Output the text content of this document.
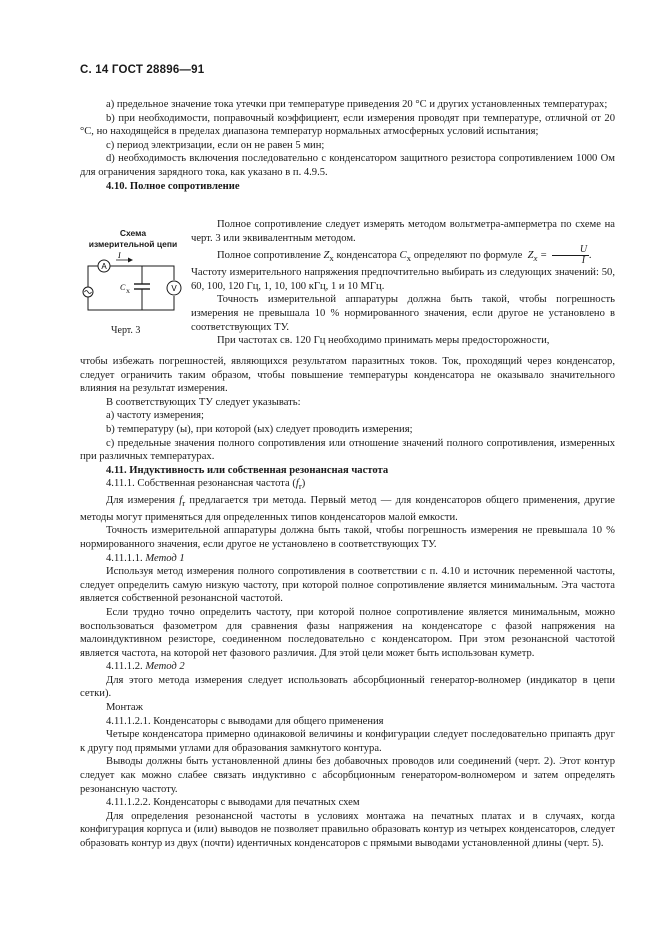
С. 14 ГОСТ 28896—91

а) предельное значение тока утечки при температуре приведения 20 °С и других установленных температурах;

b) при необходимости, поправочный коэффициент, если измерения проводят при температуре, отличной от 20 °С, но находящейся в пределах диапазона температур нормальных атмосферных условий испытания;

с) период электризации, если он не равен 5 мин;

d) необходимость включения последовательно с конденсатором защитного резистора сопротивлением 1000 Ом для ограничения зарядного тока, как указано в п. 4.9.5.

4.10. Полное сопротивление

Схема
измерительной цепи
I
A
V
C X
Черт. 3

Полное сопротивление следует измерять методом вольтметра-амперметра по схеме на черт. 3 или эквивалентным методом.

Полное сопротивление $Z_x$ конденсатора $C_x$ определяют по формуле $Z_x = \frac{U}{I}$ .

Частоту измерительного напряжения предпочтительно выбирать из следующих значений: 50, 60, 100, 120 Гц, 1, 10, 100 кГц, 1 и 10 МГц.

Точность измерительной аппаратуры должна быть такой, чтобы погрешность измерения не превышала 10 % нормированного значения, если другое не установлено в соответствующих ТУ.

При частотах св. 120 Гц необходимо принимать меры предосторожности,

чтобы избежать погрешностей, являющихся результатом паразитных токов. Ток, проходящий через конденсатор, следует ограничить таким образом, чтобы повышение температуры конденсатора не оказывало значительного влияния на результат измерения.

В соответствующих ТУ следует указывать:

а) частоту измерения;

b) температуру (ы), при которой (ых) следует проводить измерения;

с) предельные значения полного сопротивления или отношение значений полного сопротивления, измеренных при различных температурах.

4.11. Индуктивность или собственная резонансная частота

4.11.1. Собственная резонансная частота $(f_r)$

Для измерения $f_r$ предлагается три метода. Первый метод — для конденсаторов общего применения, другие методы могут применяться для определенных типов конденсаторов малой емкости.

Точность измерительной аппаратуры должна быть такой, чтобы погрешность измерения не превышала 10 % нормированного значения, если другое не установлено в соответствующих ТУ.

4.11.1.1. Метод 1

Используя метод измерения полного сопротивления в соответствии с п. 4.10 и источник переменной частоты, следует определить самую низкую частоту, при которой полное сопротивление является минимальным. Эта частота является собственной резонансной частотой.

Если трудно точно определить частоту, при которой полное сопротивление является минимальным, можно воспользоваться фазометром для сравнения фазы напряжения на конденсаторе с фазой напряжения на малоиндуктивном резисторе, соединенном последовательно с конденсатором. При этом резонансной частотой является частота, на которой нет фазового различия. Для этой цели может быть использован куметр.

4.11.1.2. Метод 2

Для этого метода измерения следует использовать абсорбционный генератор-волномер (индикатор в цепи сетки).

Монтаж

4.11.1.2.1. Конденсаторы с выводами для общего применения

Четыре конденсатора примерно одинаковой величины и конфигурации следует последовательно припаять друг к другу под прямыми углами для образования замкнутого контура.

Выводы должны быть установленной длины без добавочных проводов или соединений (черт. 2). Этот контур следует как можно слабее связать индуктивно с абсорбционным генератором-волномером и затем определять резонансную частоту.

4.11.1.2.2. Конденсаторы с выводами для печатных схем

Для определения резонансной частоты в условиях монтажа на печатных платах и в случаях, когда конфигурация корпуса и (или) выводов не позволяет правильно образовать контур из четырех конденсаторов, следует образовать контур из двух (почти) идентичных конденсаторов с прямыми выводами установленной длины (черт. 5).
